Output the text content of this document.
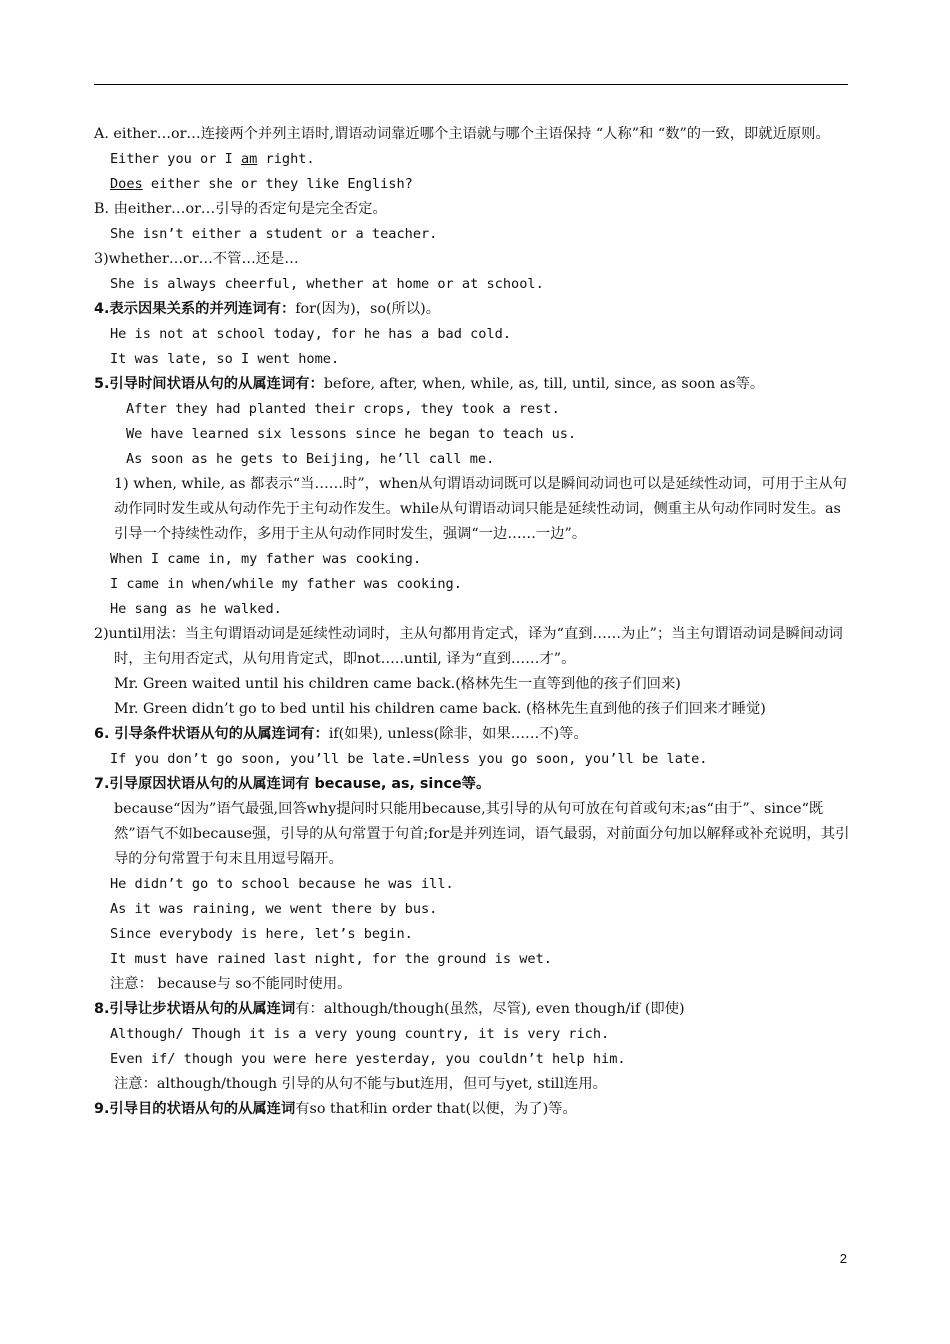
A. either…or…连接两个并列主语时,谓语动词靠近哪个主语就与哪个主语保持 “人称”和 “数”的一致，即就近原则。

Either you or I am right.

Does either she or they like English?

B. 由either…or…引导的否定句是完全否定。

She isn’t either a student or a teacher.

3)whether…or…不管…还是…

She is always cheerful, whether at home or at school.

4.表示因果关系的并列连词有：for(因为)，so(所以)。

He is not at school today, for he has a bad cold.

It was late, so I went home.

5.引导时间状语从句的从属连词有：before, after, when, while, as, till, until, since, as soon as等。

After they had planted their crops, they took a rest.

We have learned six lessons since he began to teach us.

As soon as he gets to Beijing, he’ll call me.

1) when, while, as 都表示“当……时”，when从句谓语动词既可以是瞬间动词也可以是延续性动词，可用于主从句动作同时发生或从句动作先于主句动作发生。while从句谓语动词只能是延续性动词，侧重主从句动作同时发生。as引导一个持续性动作，多用于主从句动作同时发生，强调“一边……一边”。

When I came in, my father was cooking.

I came in when/while my father was cooking.

He sang as he walked.

2)until用法：当主句谓语动词是延续性动词时，主从句都用肯定式，译为“直到……为止”；当主句谓语动词是瞬间动词时，主句用否定式，从句用肯定式，即not…..until, 译为“直到……才”。

Mr. Green waited until his children came back.(格林先生一直等到他的孩子们回来)

Mr. Green didn’t go to bed until his children came back. (格林先生直到他的孩子们回来才睡觉)

6. 引导条件状语从句的从属连词有：if(如果), unless(除非，如果……不)等。

If you don’t go soon, you’ll be late.=Unless you go soon, you’ll be late.

7.引导原因状语从句的从属连词有 because, as, since等。

because“因为”语气最强,回答why提问时只能用because,其引导的从句可放在句首或句末;as“由于”、since“既然”语气不如because强，引导的从句常置于句首;for是并列连词，语气最弱，对前面分句加以解释或补充说明，其引导的分句常置于句末且用逗号隔开。

He didn’t go to school because he was ill.

As it was raining, we went there by bus.

Since everybody is here, let’s begin.

It must have rained last night, for the ground is wet.

注意： because与 so不能同时使用。

8.引导让步状语从句的从属连词有：although/though(虽然，尽管), even though/if (即使)

Although/ Though it is a very young country, it is very rich.

Even if/ though you were here yesterday, you couldn’t help him.

注意：although/though 引导的从句不能与but连用，但可与yet, still连用。

9.引导目的状语从句的从属连词有so that和in order that(以便，为了)等。

2
